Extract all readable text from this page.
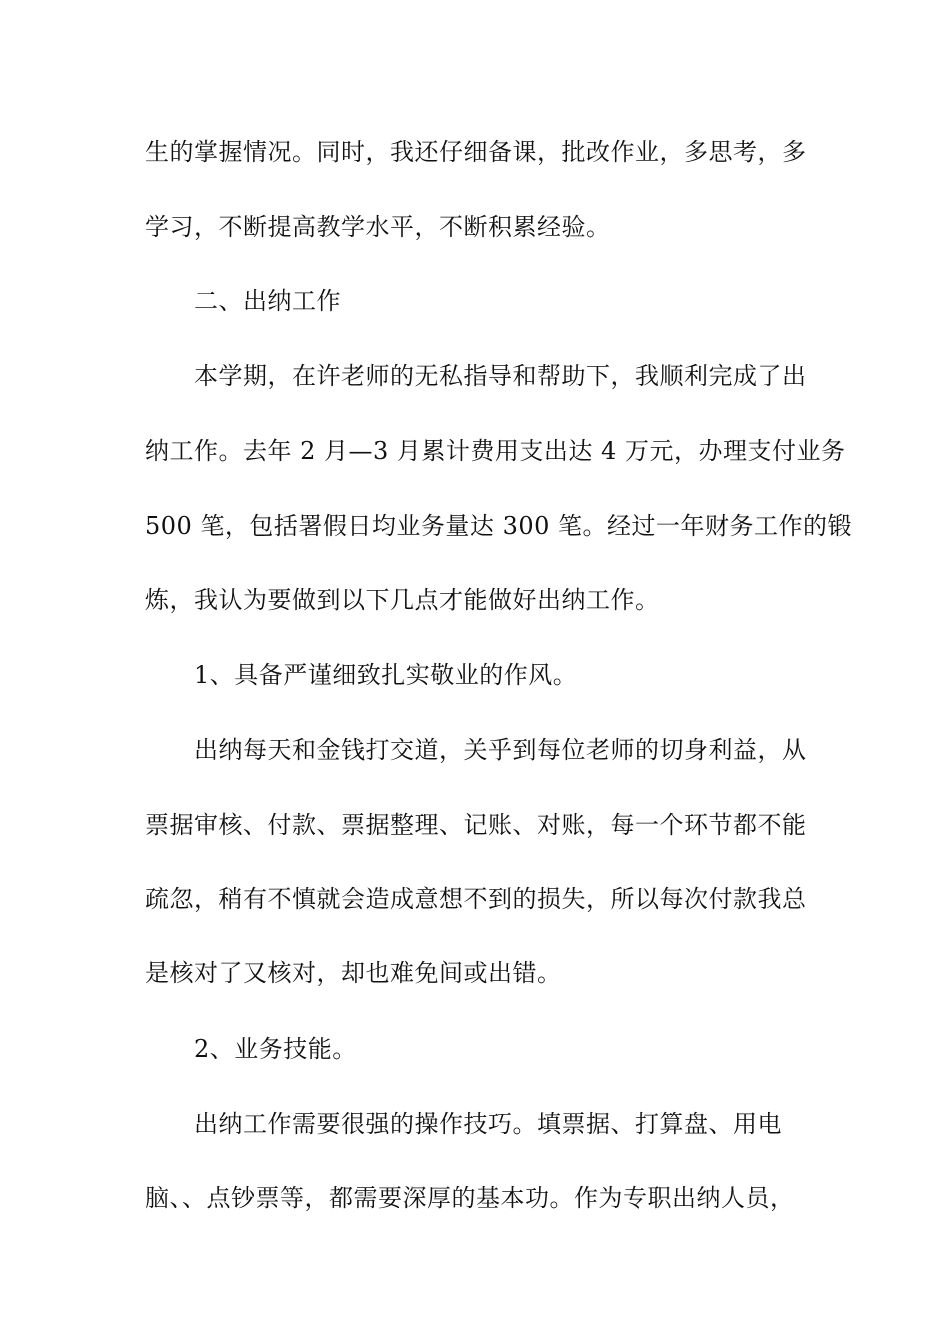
生的掌握情况。同时，我还仔细备课，批改作业，多思考，多
学习，不断提高教学水平，不断积累经验。
二、出纳工作
本学期，在许老师的无私指导和帮助下，我顺利完成了出
纳工作。去年 2 月—3 月累计费用支出达 4 万元，办理支付业务
500 笔，包括署假日均业务量达 300 笔。经过一年财务工作的锻
炼，我认为要做到以下几点才能做好出纳工作。
1、具备严谨细致扎实敬业的作风。
出纳每天和金钱打交道，关乎到每位老师的切身利益，从
票据审核、付款、票据整理、记账、对账，每一个环节都不能
疏忽，稍有不慎就会造成意想不到的损失，所以每次付款我总
是核对了又核对，却也难免间或出错。
2、业务技能。
出纳工作需要很强的操作技巧。填票据、打算盘、用电
脑、、点钞票等，都需要深厚的基本功。作为专职出纳人员，
